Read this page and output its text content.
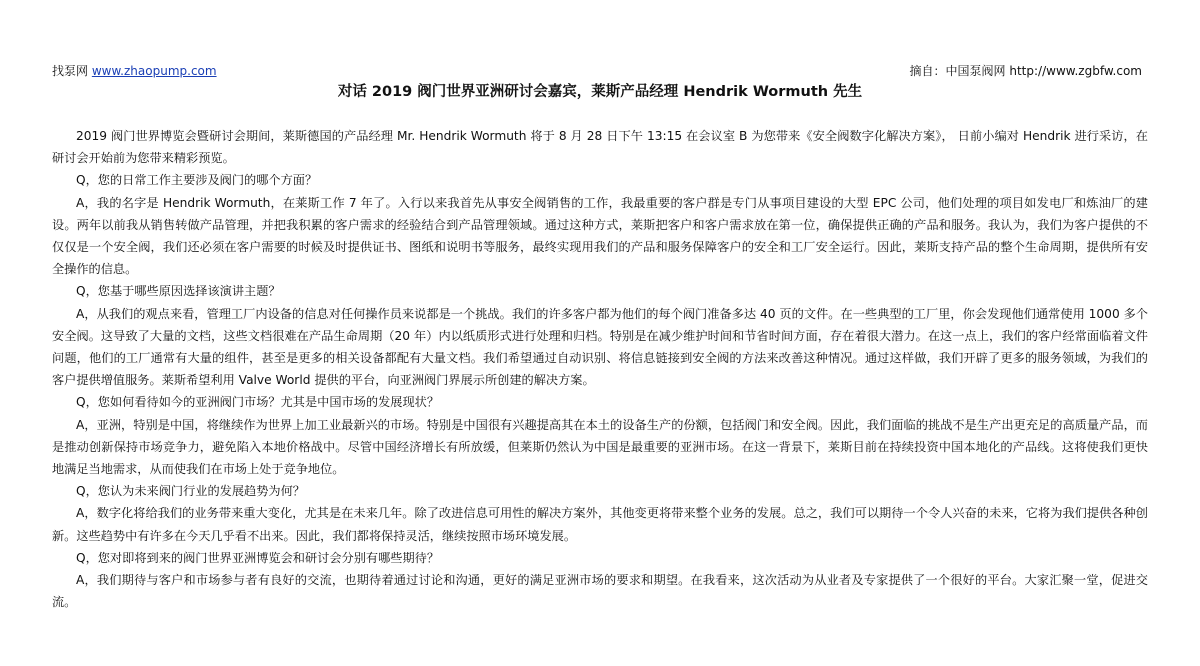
找泵网 www.zhaopump.com	摘自：中国泵阀网 http://www.zgbfw.com
对话 2019 阀门世界亚洲研讨会嘉宾，莱斯产品经理 Hendrik Wormuth 先生

2019 阀门世界博览会暨研讨会期间，莱斯德国的产品经理 Mr. Hendrik Wormuth 将于 8 月 28 日下午 13:15 在会议室 B 为您带来《安全阀数字化解决方案》， 日前小编对 Hendrik 进行采访，在研讨会开始前为您带来精彩预览。

Q，您的日常工作主要涉及阀门的哪个方面？

A，我的名字是 Hendrik Wormuth，在莱斯工作 7 年了。入行以来我首先从事安全阀销售的工作，我最重要的客户群是专门从事项目建设的大型 EPC 公司，他们处理的项目如发电厂和炼油厂的建设。两年以前我从销售转做产品管理，并把我积累的客户需求的经验结合到产品管理领域。通过这种方式，莱斯把客户和客户需求放在第一位，确保提供正确的产品和服务。我认为，我们为客户提供的不仅仅是一个安全阀，我们还必须在客户需要的时候及时提供证书、图纸和说明书等服务，最终实现用我们的产品和服务保障客户的安全和工厂安全运行。因此，莱斯支持产品的整个生命周期，提供所有安全操作的信息。

Q，您基于哪些原因选择该演讲主题？

A，从我们的观点来看，管理工厂内设备的信息对任何操作员来说都是一个挑战。我们的许多客户都为他们的每个阀门准备多达 40 页的文件。在一些典型的工厂里，你会发现他们通常使用 1000 多个安全阀。这导致了大量的文档，这些文档很难在产品生命周期（20 年）内以纸质形式进行处理和归档。特别是在减少维护时间和节省时间方面，存在着很大潜力。在这一点上，我们的客户经常面临着文件问题，他们的工厂通常有大量的组件，甚至是更多的相关设备都配有大量文档。我们希望通过自动识别、将信息链接到安全阀的方法来改善这种情况。通过这样做，我们开辟了更多的服务领域，为我们的客户提供增值服务。莱斯希望利用 Valve World 提供的平台，向亚洲阀门界展示所创建的解决方案。

Q，您如何看待如今的亚洲阀门市场？尤其是中国市场的发展现状？

A，亚洲，特别是中国，将继续作为世界上加工业最新兴的市场。特别是中国很有兴趣提高其在本土的设备生产的份额，包括阀门和安全阀。因此，我们面临的挑战不是生产出更充足的高质量产品，而是推动创新保持市场竞争力，避免陷入本地价格战中。尽管中国经济增长有所放缓，但莱斯仍然认为中国是最重要的亚洲市场。在这一背景下，莱斯目前在持续投资中国本地化的产品线。这将使我们更快地满足当地需求，从而使我们在市场上处于竞争地位。

Q，您认为未来阀门行业的发展趋势为何？

A，数字化将给我们的业务带来重大变化，尤其是在未来几年。除了改进信息可用性的解决方案外，其他变更将带来整个业务的发展。总之，我们可以期待一个令人兴奋的未来，它将为我们提供各种创新。这些趋势中有许多在今天几乎看不出来。因此，我们都将保持灵活，继续按照市场环境发展。

Q，您对即将到来的阀门世界亚洲博览会和研讨会分别有哪些期待？

A，我们期待与客户和市场参与者有良好的交流，也期待着通过讨论和沟通，更好的满足亚洲市场的要求和期望。在我看来，这次活动为从业者及专家提供了一个很好的平台。大家汇聚一堂，促进交流。
